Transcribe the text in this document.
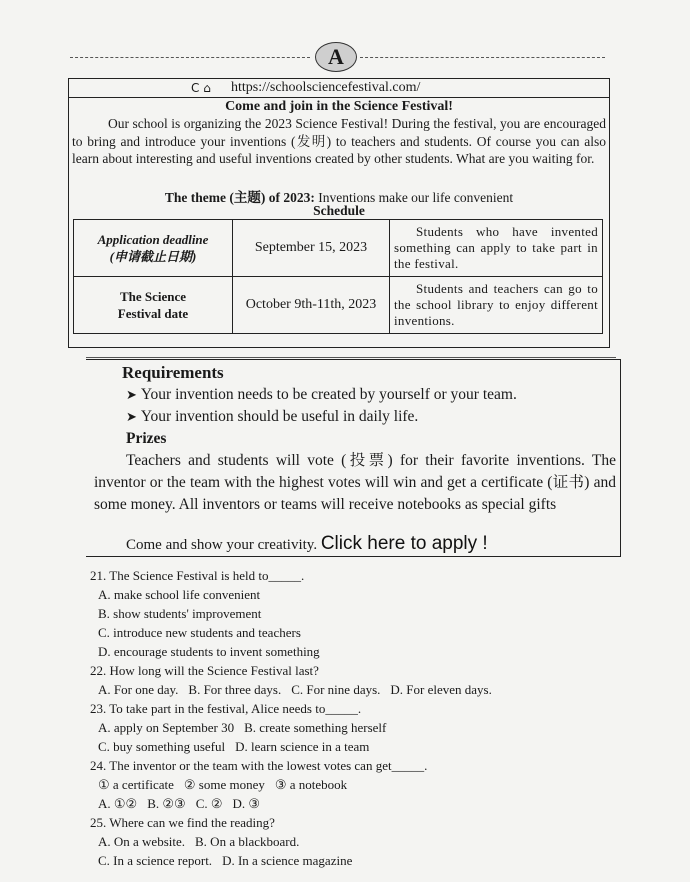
A
C ⌂ https://schoolsciencefestival.com/
Come and join in the Science Festival!
Our school is organizing the 2023 Science Festival! During the festival, you are encouraged to bring and introduce your inventions (发明) to teachers and students. Of course you can also learn about interesting and useful inventions created by other students. What are you waiting for.
The theme (主题) of 2023: Inventions make our life convenient
Schedule
Application deadline
(申请截止日期)	September 15, 2023	Students who have invented something can apply to take part in the festival.
The Science
Festival date	October 9th-11th, 2023	Students and teachers can go to the school library to enjoy different inventions.
Requirements
➤ Your invention needs to be created by yourself or your team.
➤ Your invention should be useful in daily life.
Prizes
Teachers and students will vote (投票) for their favorite inventions. The inventor or the team with the highest votes will win and get a certificate (证书) and some money. All inventors or teams will receive notebooks as special gifts
Come and show your creativity. Click here to apply !
21. The Science Festival is held to_____.
A. make school life convenient
B. show students' improvement
C. introduce new students and teachers
D. encourage students to invent something
22. How long will the Science Festival last?
A. For one day. B. For three days. C. For nine days. D. For eleven days.
23. To take part in the festival, Alice needs to_____.
A. apply on September 30 B. create something herself
C. buy something useful D. learn science in a team
24. The inventor or the team with the lowest votes can get_____.
① a certificate ② some money ③ a notebook
A. ①② B. ②③ C. ② D. ③
25. Where can we find the reading?
A. On a website. B. On a blackboard.
C. In a science report. D. In a science magazine
